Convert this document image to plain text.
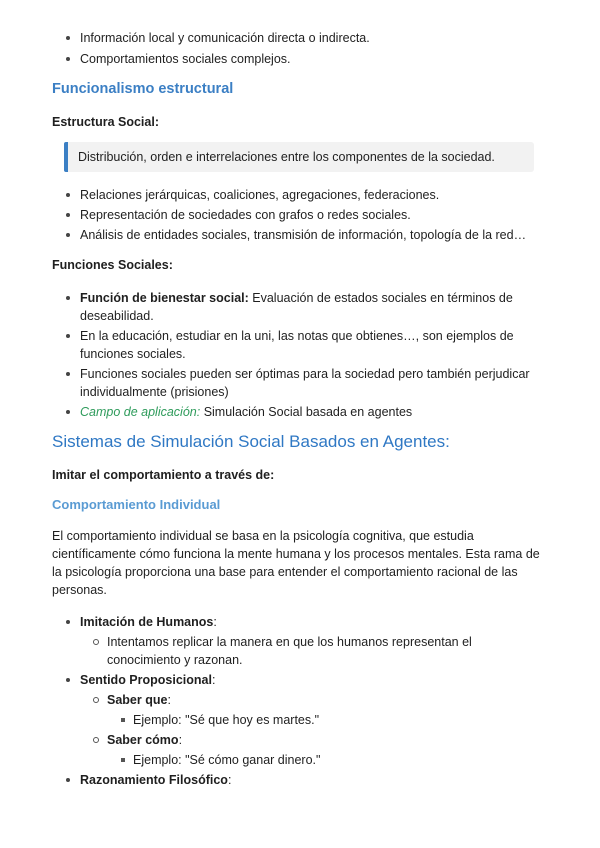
Información local y comunicación directa o indirecta.
Comportamientos sociales complejos.
Funcionalismo estructural
Estructura Social:
Distribución, orden e interrelaciones entre los componentes de la sociedad.
Relaciones jerárquicas, coaliciones, agregaciones, federaciones.
Representación de sociedades con grafos o redes sociales.
Análisis de entidades sociales, transmisión de información, topología de la red…
Funciones Sociales:
Función de bienestar social: Evaluación de estados sociales en términos de deseabilidad.
En la educación, estudiar en la uni, las notas que obtienes…, son ejemplos de funciones sociales.
Funciones sociales pueden ser óptimas para la sociedad pero también perjudicar individualmente (prisiones)
Campo de aplicación: Simulación Social basada en agentes
Sistemas de Simulación Social Basados en Agentes:
Imitar el comportamiento a través de:
Comportamiento Individual
El comportamiento individual se basa en la psicología cognitiva, que estudia científicamente cómo funciona la mente humana y los procesos mentales. Esta rama de la psicología proporciona una base para entender el comportamiento racional de las personas.
Imitación de Humanos:
Intentamos replicar la manera en que los humanos representan el conocimiento y razonan.
Sentido Proposicional:
Saber que:
Ejemplo: "Sé que hoy es martes."
Saber cómo:
Ejemplo: "Sé cómo ganar dinero."
Razonamiento Filosófico:
